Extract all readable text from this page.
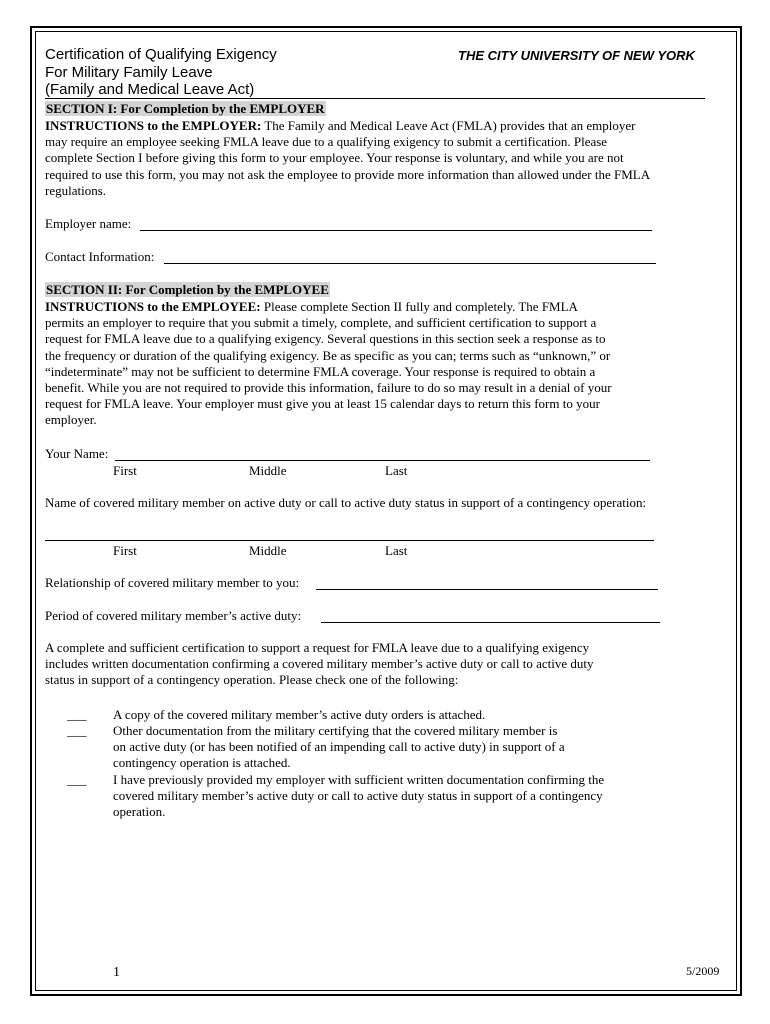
Certification of Qualifying Exigency
For Military Family Leave
(Family and Medical Leave Act)
THE CITY UNIVERSITY OF NEW YORK
SECTION I: For Completion by the EMPLOYER
INSTRUCTIONS to the EMPLOYER: The Family and Medical Leave Act (FMLA) provides that an employer
may require an employee seeking FMLA leave due to a qualifying exigency to submit a certification. Please
complete Section I before giving this form to your employee. Your response is voluntary, and while you are not
required to use this form, you may not ask the employee to provide more information than allowed under the FMLA
regulations.
Employer name:
Contact Information:
SECTION II: For Completion by the EMPLOYEE
INSTRUCTIONS to the EMPLOYEE: Please complete Section II fully and completely. The FMLA
permits an employer to require that you submit a timely, complete, and sufficient certification to support a
request for FMLA leave due to a qualifying exigency. Several questions in this section seek a response as to
the frequency or duration of the qualifying exigency. Be as specific as you can; terms such as “unknown,” or
“indeterminate” may not be sufficient to determine FMLA coverage. Your response is required to obtain a
benefit. While you are not required to provide this information, failure to do so may result in a denial of your
request for FMLA leave. Your employer must give you at least 15 calendar days to return this form to your
employer.
Your Name:
First	Middle	Last
Name of covered military member on active duty or call to active duty status in support of a contingency operation:
First	Middle	Last
Relationship of covered military member to you:
Period of covered military member’s active duty:
A complete and sufficient certification to support a request for FMLA leave due to a qualifying exigency
includes written documentation confirming a covered military member’s active duty or call to active duty
status in support of a contingency operation. Please check one of the following:
___ A copy of the covered military member’s active duty orders is attached.
___ Other documentation from the military certifying that the covered military member is
on active duty (or has been notified of an impending call to active duty) in support of a
contingency operation is attached.
___ I have previously provided my employer with sufficient written documentation confirming the
covered military member’s active duty or call to active duty status in support of a contingency
operation.
1	5/2009
